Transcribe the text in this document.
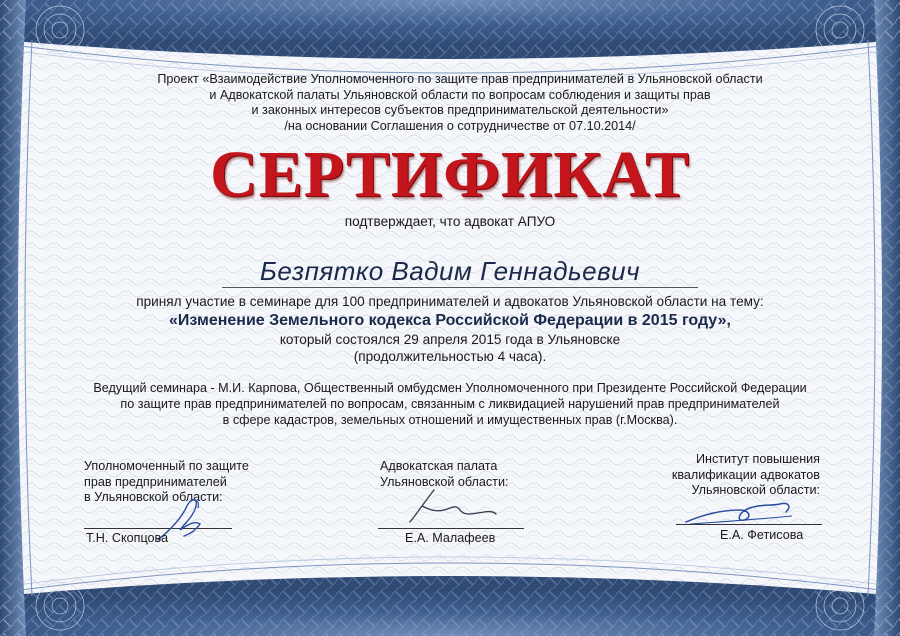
Проект «Взаимодействие Уполномоченного по защите прав предпринимателей в Ульяновской области
и Адвокатской палаты Ульяновской области по вопросам соблюдения и защиты прав
и законных интересов субъектов предпринимательской деятельности»
/на основании Соглашения о сотрудничестве от 07.10.2014/
СЕРТИФИКАТ
подтверждает, что адвокат АПУО
Безпятко Вадим Геннадьевич
принял участие в семинаре для 100 предпринимателей и адвокатов Ульяновской области на тему:
«Изменение Земельного кодекса Российской Федерации в 2015 году»,
который состоялся 29 апреля 2015 года в Ульяновске
(продолжительностью 4 часа).
Ведущий семинара - М.И. Карпова, Общественный омбудсмен Уполномоченного при Президенте Российской Федерации
по защите прав предпринимателей по вопросам, связанным с ликвидацией нарушений прав предпринимателей
в сфере кадастров, земельных отношений и имущественных прав (г.Москва).
Уполномоченный по защите
прав предпринимателей
в Ульяновской области:
Т.Н. Скопцова
Адвокатская палата
Ульяновской области:
Е.А. Малафеев
Институт повышения
квалификации адвокатов
Ульяновской области:
Е.А. Фетисова
